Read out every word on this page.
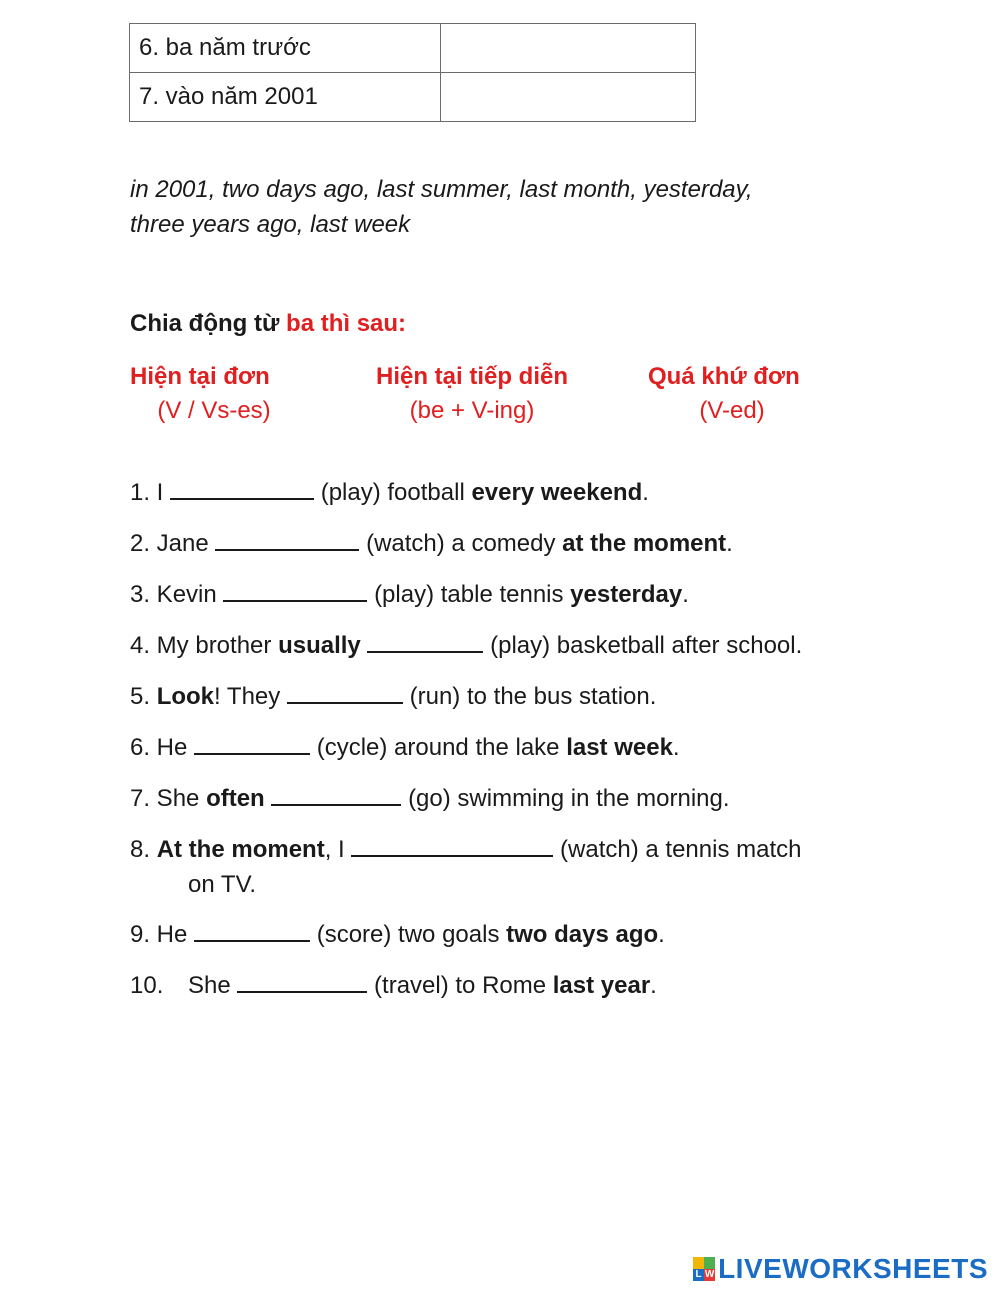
6. ba năm trước	
7. vào năm 2001	
in 2001, two days ago, last summer, last month, yesterday,
three years ago, last week
Chia động từ ba thì sau:
Hiện tại đơn
(V / Vs-es)
Hiện tại tiếp diễn
(be + V-ing)
Quá khứ đơn
(V-ed)
1. I	(play) football every weekend.
2. Jane	(watch) a comedy at the moment.
3. Kevin	(play) table tennis yesterday.
4. My brother usually	(play) basketball after school.
5. Look! They	(run) to the bus station.
6. He	(cycle) around the lake last week.
7. She often	(go) swimming in the morning.
8. At the moment, I	(watch) a tennis match
on TV.
9. He	(score) two goals two days ago.
10. She	(travel) to Rome last year.
L W LIVEWORKSHEETS
